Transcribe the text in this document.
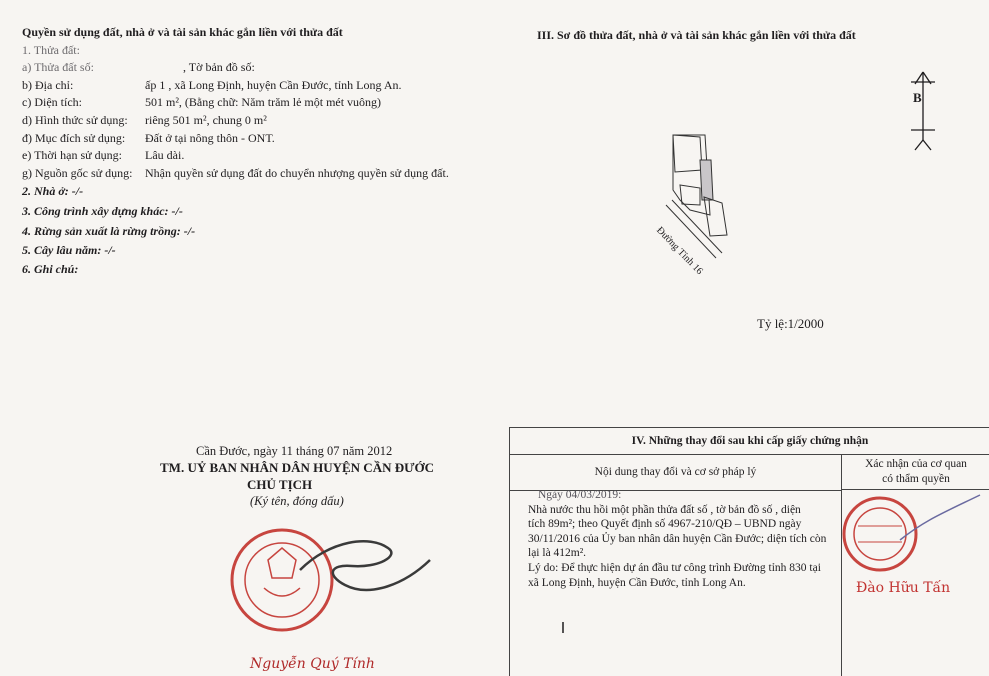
Quyền sử dụng đất, nhà ở và tài sản khác gắn liền với thửa đất
1. Thửa đất:
a) Thửa đất số:	, Tờ bản đồ số:
b) Địa chỉ:	ấp 1 , xã Long Định, huyện Cần Đước, tỉnh Long An.
c) Diện tích:	501 m², (Bằng chữ: Năm trăm lẻ một mét vuông)
d) Hình thức sử dụng:	riêng 501 m², chung 0 m²
đ) Mục đích sử dụng:	Đất ở tại nông thôn - ONT.
e) Thời hạn sử dụng:	Lâu dài.
g) Nguồn gốc sử dụng:	Nhận quyền sử dụng đất do chuyển nhượng quyền sử dụng đất.
2. Nhà ở: -/-
3. Công trình xây dựng khác: -/-
4. Rừng sản xuất là rừng trồng: -/-
5. Cây lâu năm: -/-
6. Ghi chú:
III. Sơ đồ thửa đất, nhà ở và tài sản khác gắn liền với thửa đất
B
Đường Tỉnh 16
Tỷ lệ:1/2000
Cần Đước, ngày 11 tháng 07 năm 2012
TM. UỶ BAN NHÂN DÂN HUYỆN CẦN ĐƯỚC
CHỦ TỊCH
(Ký tên, đóng dấu)
Nguyễn Quý Tính
IV. Những thay đổi sau khi cấp giấy chứng nhận
Nội dung thay đổi và cơ sở pháp lý
Xác nhận của cơ quan
có thẩm quyền
Ngày 04/03/2019:
Nhà nước thu hồi một phần thửa đất số , tờ bản đồ số , diện
tích 89m²; theo Quyết định số 4967-210/QĐ – UBND ngày
30/11/2016 của Ủy ban nhân dân huyện Cần Đước; diện tích còn
lại là 412m².
Lý do: Để thực hiện dự án đầu tư công trình Đường tỉnh 830 tại
xã Long Định, huyện Cần Đước, tỉnh Long An.	Đào Hữu Tấn
